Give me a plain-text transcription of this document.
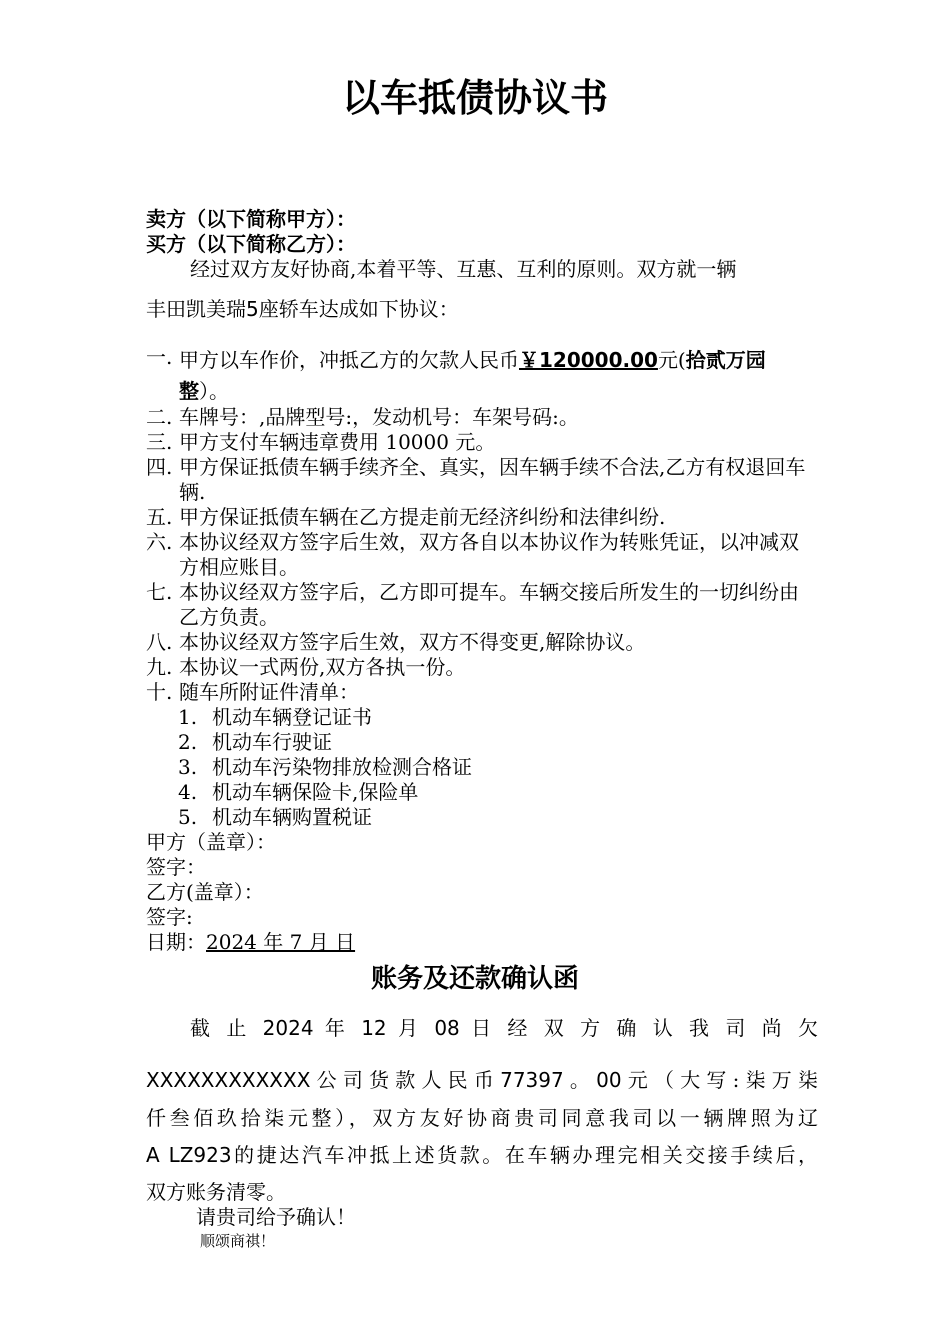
以车抵债协议书
卖方（以下简称甲方）：
买方（以下简称乙方）：
经过双方友好协商,本着平等、互惠、互利的原则。双方就一辆
丰田凯美瑞5座轿车达成如下协议：
一. 甲方以车作价，冲抵乙方的欠款人民币￥120000.00元(拾贰万园整）。
二. 车牌号：,品牌型号:，发动机号：车架号码:。
三. 甲方支付车辆违章费用 10000 元。
四. 甲方保证抵债车辆手续齐全、真实，因车辆手续不合法,乙方有权退回车辆.
五. 甲方保证抵债车辆在乙方提走前无经济纠纷和法律纠纷.
六. 本协议经双方签字后生效，双方各自以本协议作为转账凭证，以冲减双方相应账目。
七. 本协议经双方签字后，乙方即可提车。车辆交接后所发生的一切纠纷由乙方负责。
八. 本协议经双方签字后生效，双方不得变更,解除协议。
九. 本协议一式两份,双方各执一份。
十. 随车所附证件清单：
1. 机动车辆登记证书
2. 机动车行驶证
3. 机动车污染物排放检测合格证
4. 机动车辆保险卡,保险单
5. 机动车辆购置税证
甲方（盖章）：
签字：
乙方(盖章）：
签字:
日期：2024 年 7 月 日
账务及还款确认函
截 止 2024 年 12 月 08 日 经 双 方 确 认 我 司 尚 欠
XXXXXXXXXXXX公司货款人民币77397。00元（大写:柒万柒
仟叁佰玖拾柒元整），双方友好协商贵司同意我司以一辆牌照为辽
A LZ923的捷达汽车冲抵上述货款。在车辆办理完相关交接手续后，
双方账务清零。
请贵司给予确认！
顺颂商祺！
